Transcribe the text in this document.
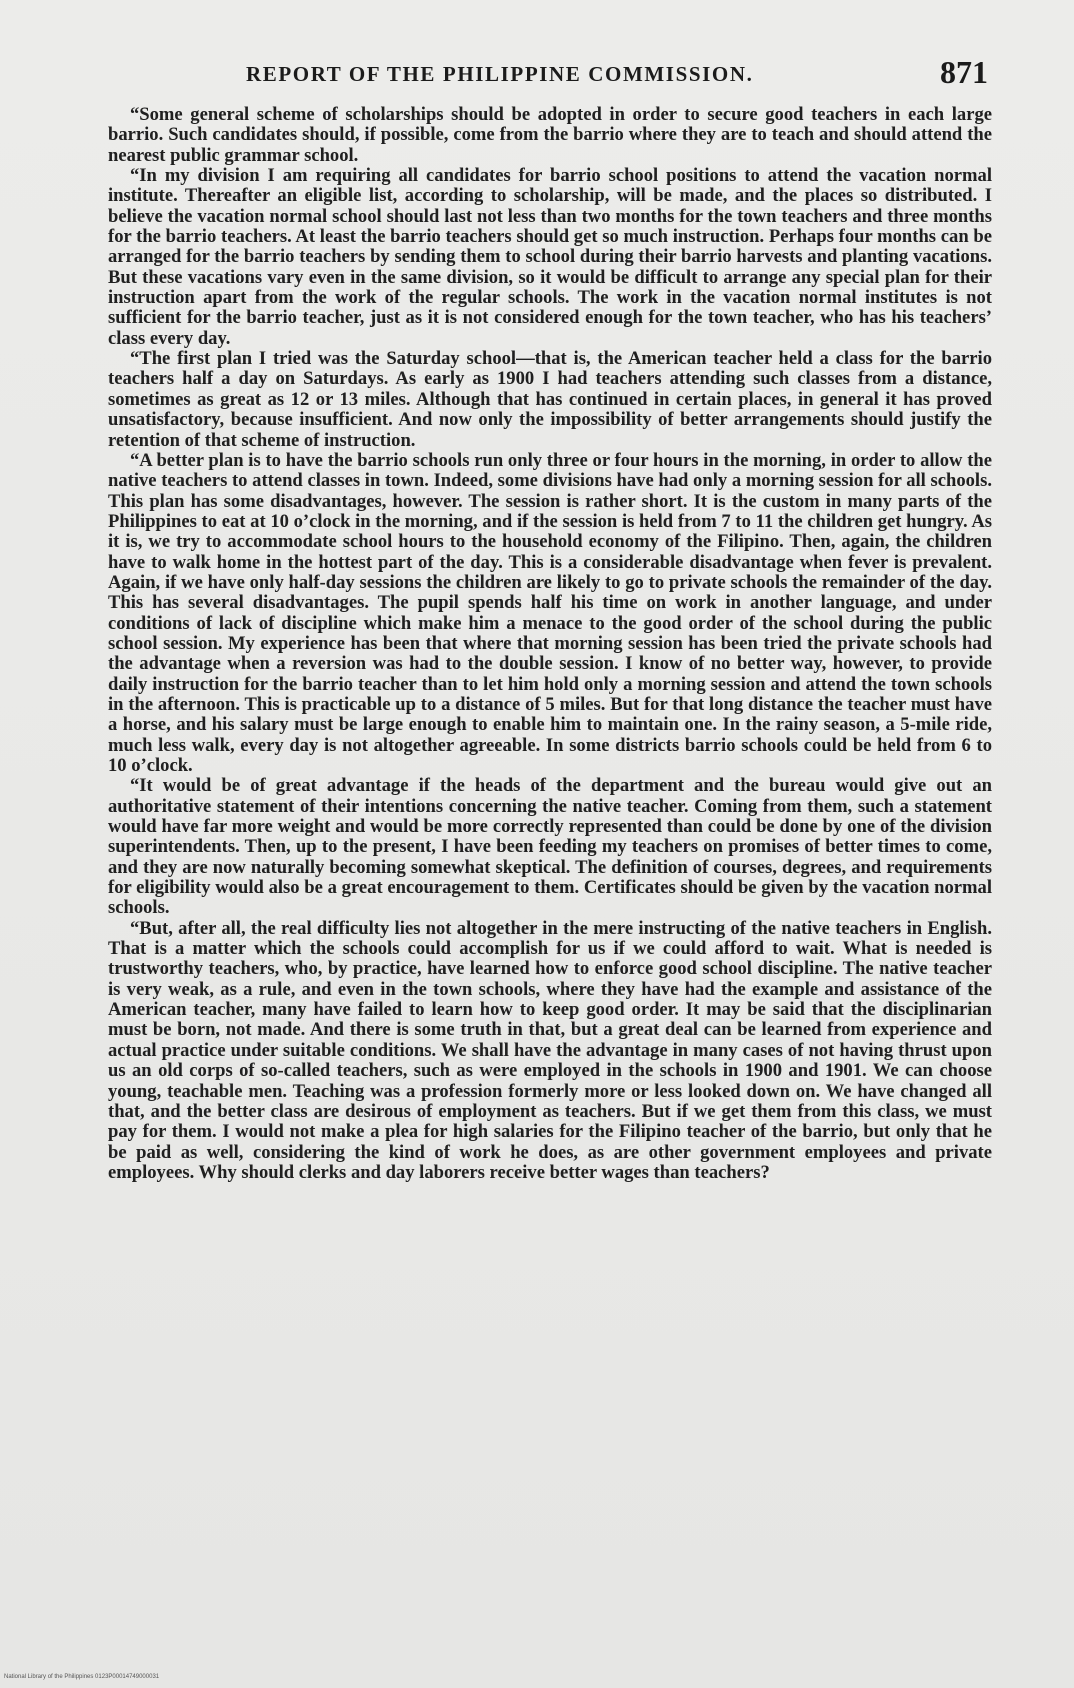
REPORT OF THE PHILIPPINE COMMISSION.	871

“Some general scheme of scholarships should be adopted in order to secure good teachers in each large barrio. Such candidates should, if possible, come from the barrio where they are to teach and should attend the nearest public grammar school.

“In my division I am requiring all candidates for barrio school positions to attend the vacation normal institute. Thereafter an eligible list, according to scholarship, will be made, and the places so distributed. I believe the vacation normal school should last not less than two months for the town teachers and three months for the barrio teachers. At least the barrio teachers should get so much instruction. Perhaps four months can be arranged for the barrio teachers by sending them to school during their barrio harvests and planting vacations. But these vacations vary even in the same division, so it would be difficult to arrange any special plan for their instruction apart from the work of the regular schools. The work in the vacation normal institutes is not sufficient for the barrio teacher, just as it is not considered enough for the town teacher, who has his teachers’ class every day.

“The first plan I tried was the Saturday school—that is, the American teacher held a class for the barrio teachers half a day on Saturdays. As early as 1900 I had teachers attending such classes from a distance, sometimes as great as 12 or 13 miles. Although that has continued in certain places, in general it has proved unsatisfactory, because insufficient. And now only the impossibility of better arrangements should justify the retention of that scheme of instruction.

“A better plan is to have the barrio schools run only three or four hours in the morning, in order to allow the native teachers to attend classes in town. Indeed, some divisions have had only a morning session for all schools. This plan has some disadvantages, however. The session is rather short. It is the custom in many parts of the Philippines to eat at 10 o’clock in the morning, and if the session is held from 7 to 11 the children get hungry. As it is, we try to accommodate school hours to the household economy of the Filipino. Then, again, the children have to walk home in the hottest part of the day. This is a considerable disadvantage when fever is prevalent. Again, if we have only half-day sessions the children are likely to go to private schools the remainder of the day. This has several disadvantages. The pupil spends half his time on work in another language, and under conditions of lack of discipline which make him a menace to the good order of the school during the public school session. My experience has been that where that morning session has been tried the private schools had the advantage when a reversion was had to the double session. I know of no better way, however, to provide daily instruction for the barrio teacher than to let him hold only a morning session and attend the town schools in the afternoon. This is practicable up to a distance of 5 miles. But for that long distance the teacher must have a horse, and his salary must be large enough to enable him to maintain one. In the rainy season, a 5-mile ride, much less walk, every day is not altogether agreeable. In some districts barrio schools could be held from 6 to 10 o’clock.

“It would be of great advantage if the heads of the department and the bureau would give out an authoritative statement of their intentions concerning the native teacher. Coming from them, such a statement would have far more weight and would be more correctly represented than could be done by one of the division superintendents. Then, up to the present, I have been feeding my teachers on promises of better times to come, and they are now naturally becoming somewhat skeptical. The definition of courses, degrees, and requirements for eligibility would also be a great encouragement to them. Certificates should be given by the vacation normal schools.

“But, after all, the real difficulty lies not altogether in the mere instructing of the native teachers in English. That is a matter which the schools could accomplish for us if we could afford to wait. What is needed is trustworthy teachers, who, by practice, have learned how to enforce good school discipline. The native teacher is very weak, as a rule, and even in the town schools, where they have had the example and assistance of the American teacher, many have failed to learn how to keep good order. It may be said that the disciplinarian must be born, not made. And there is some truth in that, but a great deal can be learned from experience and actual practice under suitable conditions. We shall have the advantage in many cases of not having thrust upon us an old corps of so-called teachers, such as were employed in the schools in 1900 and 1901. We can choose young, teachable men. Teaching was a profession formerly more or less looked down on. We have changed all that, and the better class are desirous of employment as teachers. But if we get them from this class, we must pay for them. I would not make a plea for high salaries for the Filipino teacher of the barrio, but only that he be paid as well, considering the kind of work he does, as are other government employees and private employees. Why should clerks and day laborers receive better wages than teachers?

National Library of the Philippines 0123P00014749000031
